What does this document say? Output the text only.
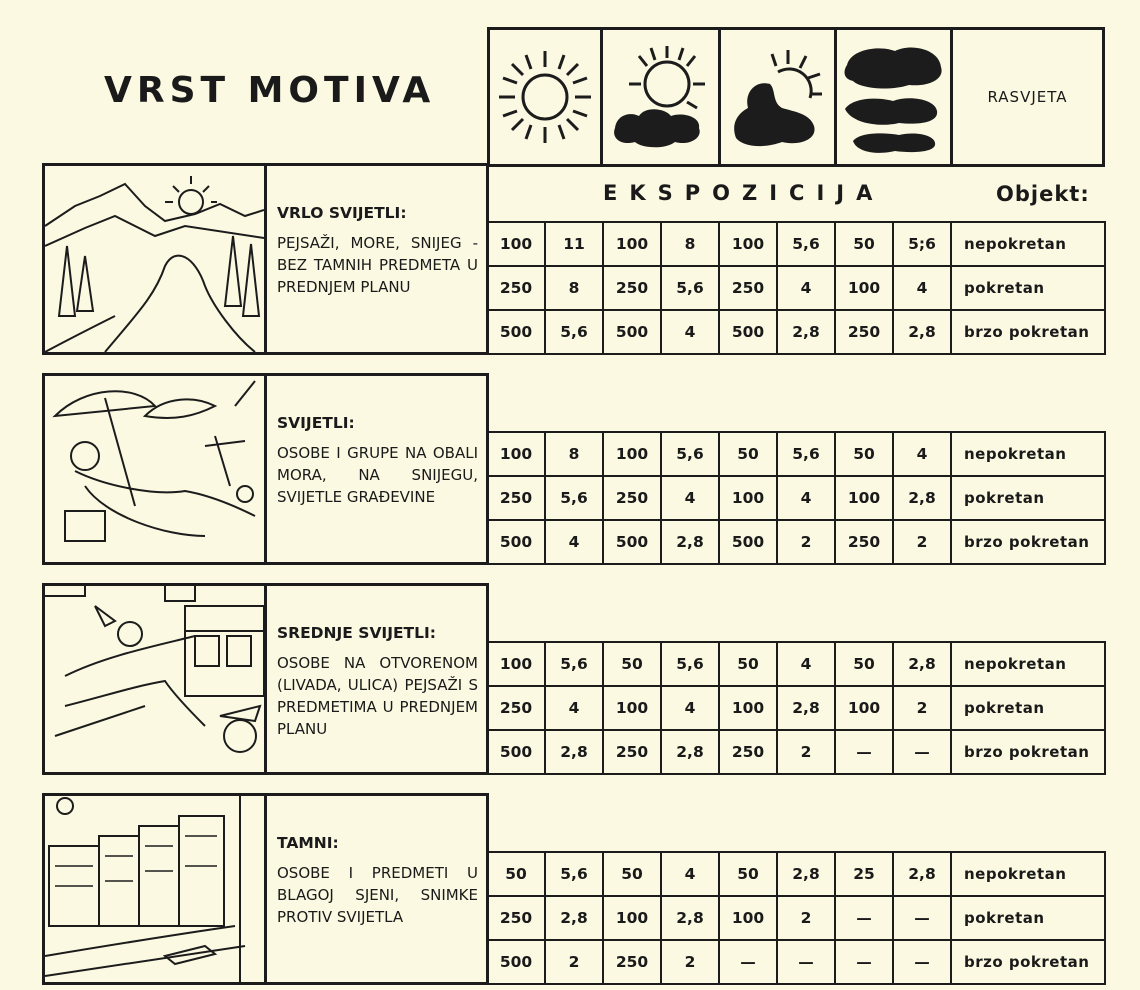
VRST MOTIVA	RASVJETA
EKSPOZICIJA	Objekt:
VRLO SVIJETLI:
PEJSAŽI, MORE, SNIJEG - BEZ TAMNIH PREDMETA U PREDNJEM PLANU
100	11	100	8	100	5,6	50	5;6	nepokretan
250	8	250	5,6	250	4	100	4	pokretan
500	5,6	500	4	500	2,8	250	2,8	brzo pokretan
SVIJETLI:
OSOBE I GRUPE NA OBALI MORA, NA SNIJEGU, SVIJETLE GRAĐEVINE
100	8	100	5,6	50	5,6	50	4	nepokretan
250	5,6	250	4	100	4	100	2,8	pokretan
500	4	500	2,8	500	2	250	2	brzo pokretan
SREDNJE SVIJETLI:
OSOBE NA OTVORENOM (LIVADA, ULICA) PEJSAŽI S PREDMETIMA U PREDNJEM PLANU
100	5,6	50	5,6	50	4	50	2,8	nepokretan
250	4	100	4	100	2,8	100	2	pokretan
500	2,8	250	2,8	250	2	—	—	brzo pokretan
TAMNI:
OSOBE I PREDMETI U BLAGOJ SJENI, SNIMKE PROTIV SVIJETLA
50	5,6	50	4	50	2,8	25	2,8	nepokretan
250	2,8	100	2,8	100	2	—	—	pokretan
500	2	250	2	—	—	—	—	brzo pokretan
